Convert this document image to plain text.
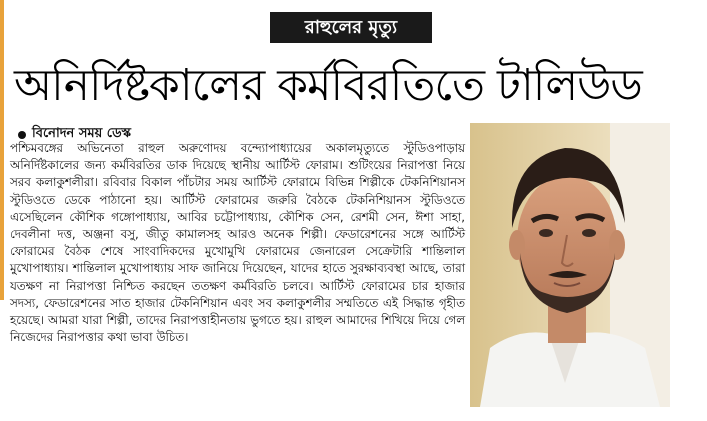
রাহুলের মৃত্যু
অনির্দিষ্টকালের কর্মবিরতিতে টালিউড
বিনোদন সময় ডেস্ক

পশ্চিমবঙ্গের অভিনেতা রাহুল অরুণোদয় বন্দ্যোপাধ্যায়ের অকালমৃত্যুতে স্টুডিওপাড়ায় অনির্দিষ্টকালের জন্য কর্মবিরতির ডাক দিয়েছে স্থানীয় আর্টিস্ট ফোরাম। শুটিংয়ের নিরাপত্তা নিয়ে সরব কলাকুশলীরা। রবিবার বিকাল পাঁচটার সময় আর্টিস্ট ফোরামে বিভিন্ন শিল্পীকে টেকনিশিয়ানস স্টুডিওতে ডেকে পাঠানো হয়। আর্টিস্ট ফোরামের জরুরি বৈঠকে টেকনিশিয়ানস স্টুডিওতে এসেছিলেন কৌশিক গঙ্গোপাধ্যায়, আবির চট্টোপাধ্যায়, কৌশিক সেন, রেশমী সেন, ঈশা সাহা, দেবলীনা দত্ত, অঞ্জনা বসু, জীতু কামালসহ আরও অনেক শিল্পী। ফেডারেশনের সঙ্গে আর্টিস্ট ফোরামের বৈঠক শেষে সাংবাদিকদের মুখোমুখি ফোরামের জেনারেল সেক্রেটারি শান্তিলাল মুখোপাধ্যায়। শান্তিলাল মুখোপাধ্যায় সাফ জানিয়ে দিয়েছেন, যাদের হাতে সুরক্ষাব্যবস্থা আছে, তারা যতক্ষণ না নিরাপত্তা নিশ্চিত করছেন ততক্ষণ কর্মবিরতি চলবে। আর্টিস্ট ফোরামের চার হাজার সদস্য, ফেডারেশনের সাত হাজার টেকনিশিয়ান এবং সব কলাকুশলীর সম্মতিতে এই সিদ্ধান্ত গৃহীত হয়েছে। আমরা যারা শিল্পী, তাদের নিরাপত্তাহীনতায় ভুগতে হয়। রাহুল আমাদের শিখিয়ে দিয়ে গেল নিজেদের নিরাপত্তার কথা ভাবা উচিত।
